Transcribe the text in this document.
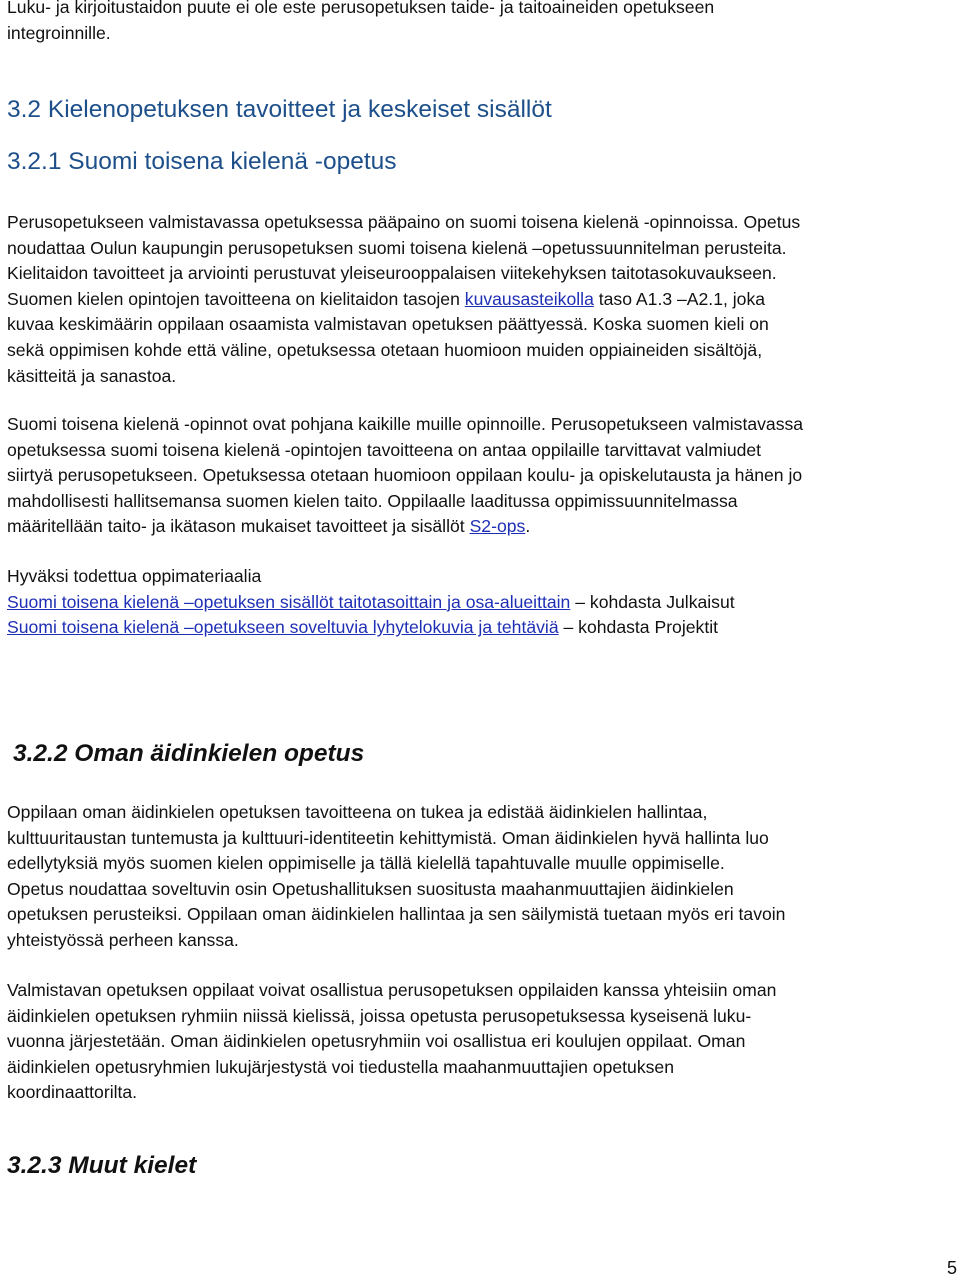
Luku- ja kirjoitustaidon puute ei ole este perusopetuksen taide- ja taitoaineiden opetukseen
integroinnille.
3.2 Kielenopetuksen tavoitteet ja keskeiset sisällöt
3.2.1 Suomi toisena kielenä -opetus
Perusopetukseen valmistavassa opetuksessa pääpaino on suomi toisena kielenä -opinnoissa. Opetus
noudattaa Oulun kaupungin perusopetuksen suomi toisena kielenä –opetussuunnitelman perusteita.
Kielitaidon tavoitteet ja arviointi perustuvat yleiseurooppalaisen viitekehyksen taitotasokuvaukseen.
Suomen kielen opintojen tavoitteena on kielitaidon tasojen kuvausasteikolla taso A1.3 –A2.1, joka
kuvaa keskimäärin oppilaan osaamista valmistavan opetuksen päättyessä. Koska suomen kieli on
sekä oppimisen kohde että väline, opetuksessa otetaan huomioon muiden oppiaineiden sisältöjä,
käsitteitä ja sanastoa.
Suomi toisena kielenä -opinnot ovat pohjana kaikille muille opinnoille. Perusopetukseen valmistavassa
opetuksessa suomi toisena kielenä -opintojen tavoitteena on antaa oppilaille tarvittavat valmiudet
siirtyä perusopetukseen. Opetuksessa otetaan huomioon oppilaan koulu- ja opiskelutausta ja hänen jo
mahdollisesti hallitsemansa suomen kielen taito. Oppilaalle laaditussa oppimissuunnitelmassa
määritellään taito- ja ikätason mukaiset tavoitteet ja sisällöt S2-ops.
Hyväksi todettua oppimateriaalia
Suomi toisena kielenä –opetuksen sisällöt taitotasoittain ja osa-alueittain – kohdasta Julkaisut
Suomi toisena kielenä –opetukseen soveltuvia lyhytelokuvia ja tehtäviä – kohdasta Projektit
3.2.2 Oman äidinkielen opetus
Oppilaan oman äidinkielen opetuksen tavoitteena on tukea ja edistää äidinkielen hallintaa,
kulttuuritaustan tuntemusta ja kulttuuri-identiteetin kehittymistä. Oman äidinkielen hyvä hallinta luo
edellytyksiä myös suomen kielen oppimiselle ja tällä kielellä tapahtuvalle muulle oppimiselle.
Opetus noudattaa soveltuvin osin Opetushallituksen suositusta maahanmuuttajien äidinkielen
opetuksen perusteiksi. Oppilaan oman äidinkielen hallintaa ja sen säilymistä tuetaan myös eri tavoin
yhteistyössä perheen kanssa.
Valmistavan opetuksen oppilaat voivat osallistua perusopetuksen oppilaiden kanssa yhteisiin oman
äidinkielen opetuksen ryhmiin niissä kielissä, joissa opetusta perusopetuksessa kyseisenä luku-
vuonna järjestetään. Oman äidinkielen opetusryhmiin voi osallistua eri koulujen oppilaat. Oman
äidinkielen opetusryhmien lukujärjestystä voi tiedustella maahanmuuttajien opetuksen
koordinaattorilta.
3.2.3 Muut kielet
5
